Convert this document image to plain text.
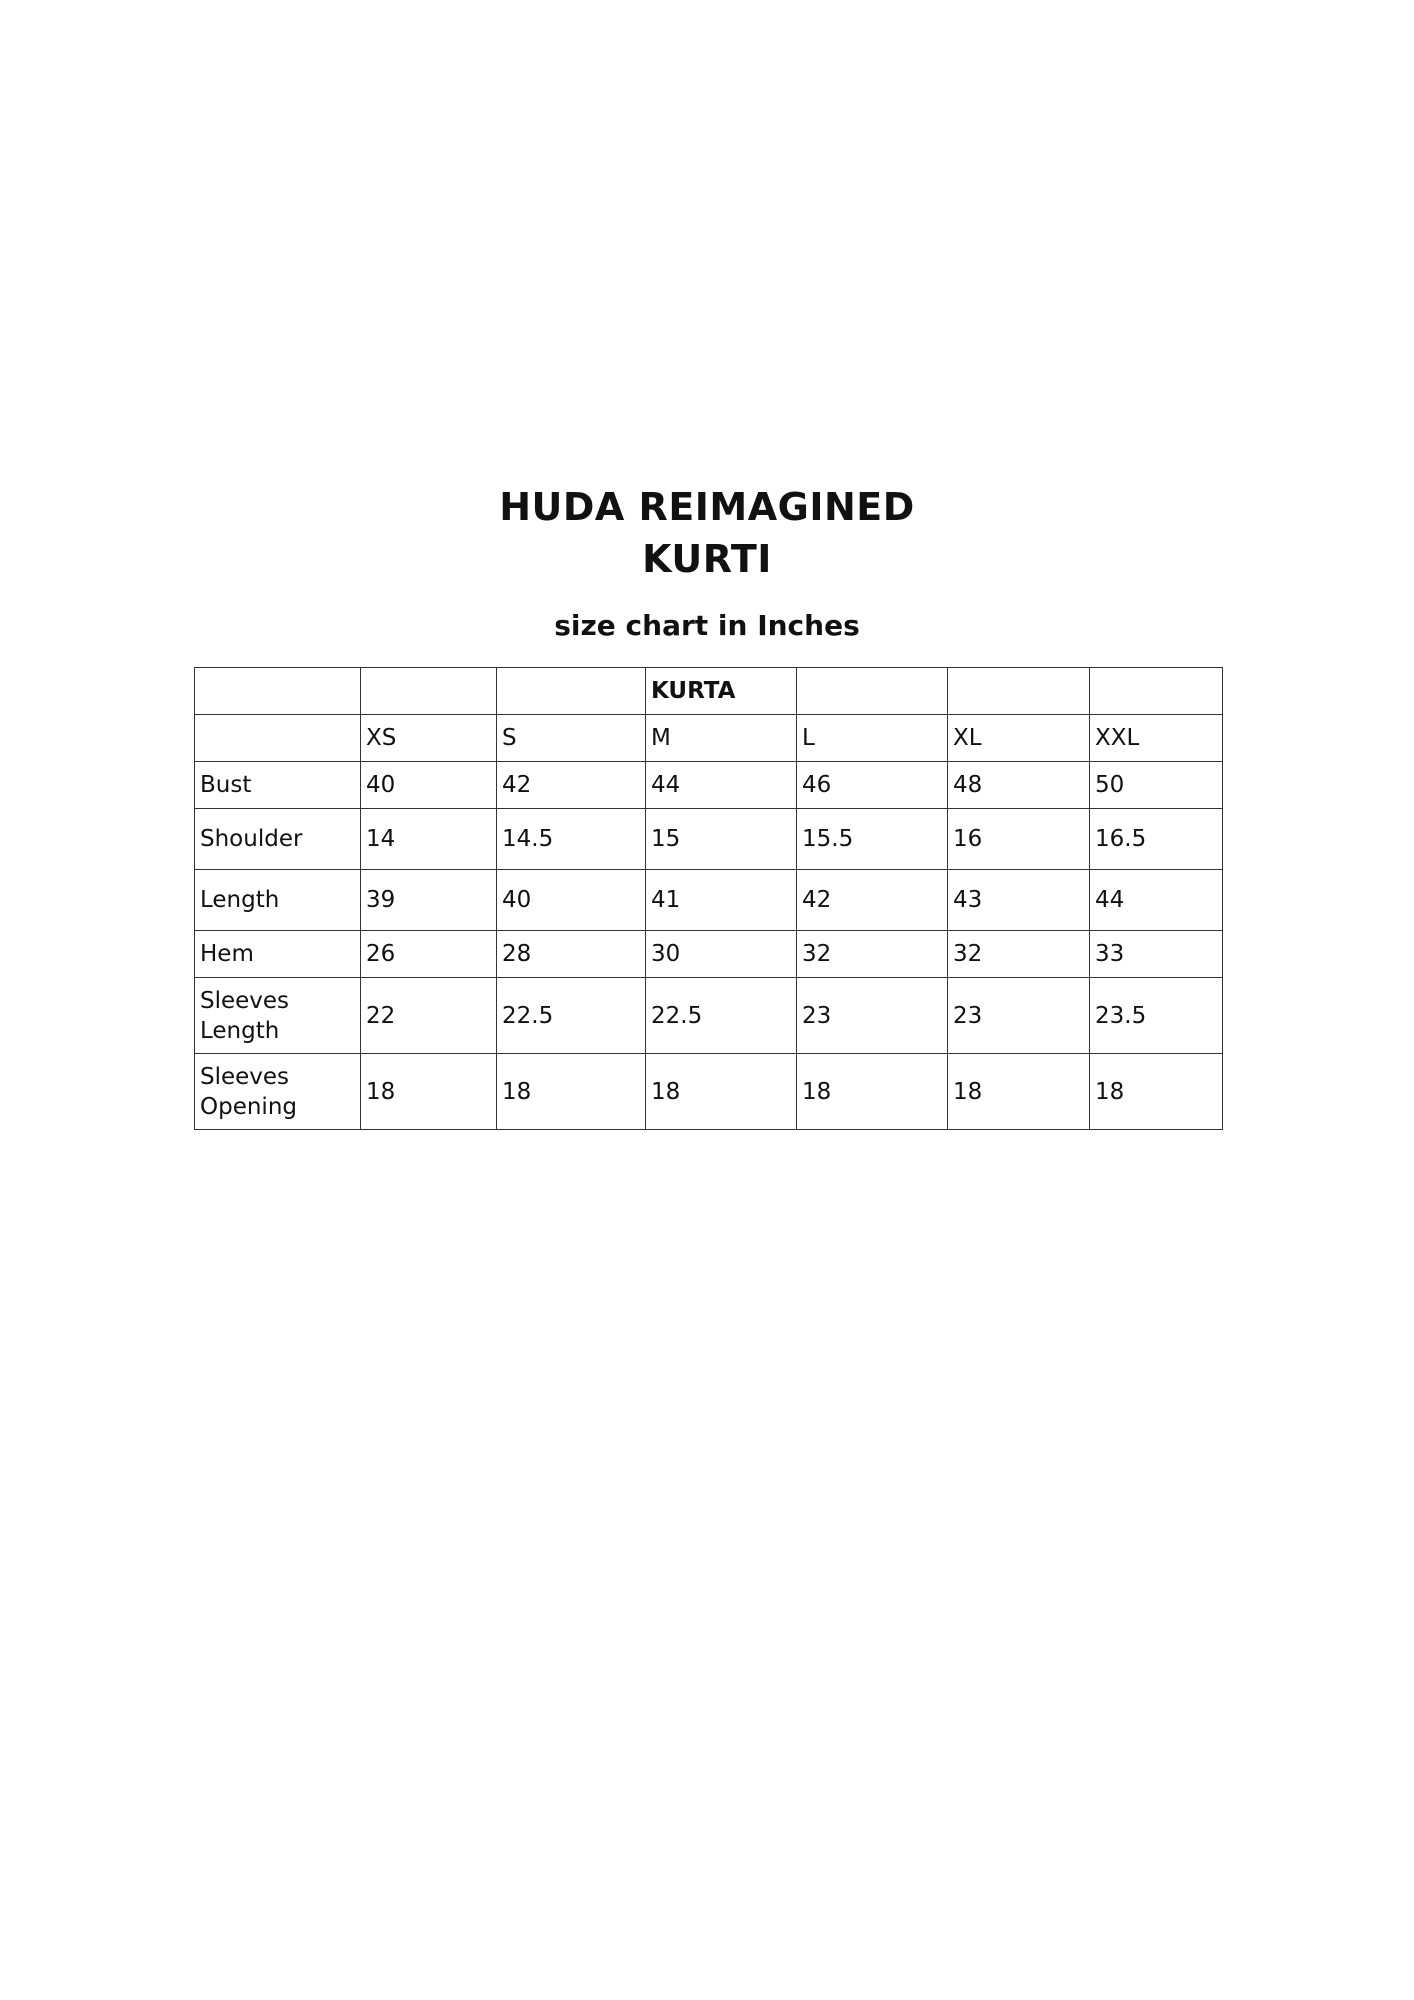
HUDA REIMAGINED
KURTI
size chart in Inches
			KURTA			
	XS	S	M	L	XL	XXL
Bust	40	42	44	46	48	50
Shoulder	14	14.5	15	15.5	16	16.5
Length	39	40	41	42	43	44
Hem	26	28	30	32	32	33
Sleeves
Length	22	22.5	22.5	23	23	23.5
Sleeves
Opening	18	18	18	18	18	18
